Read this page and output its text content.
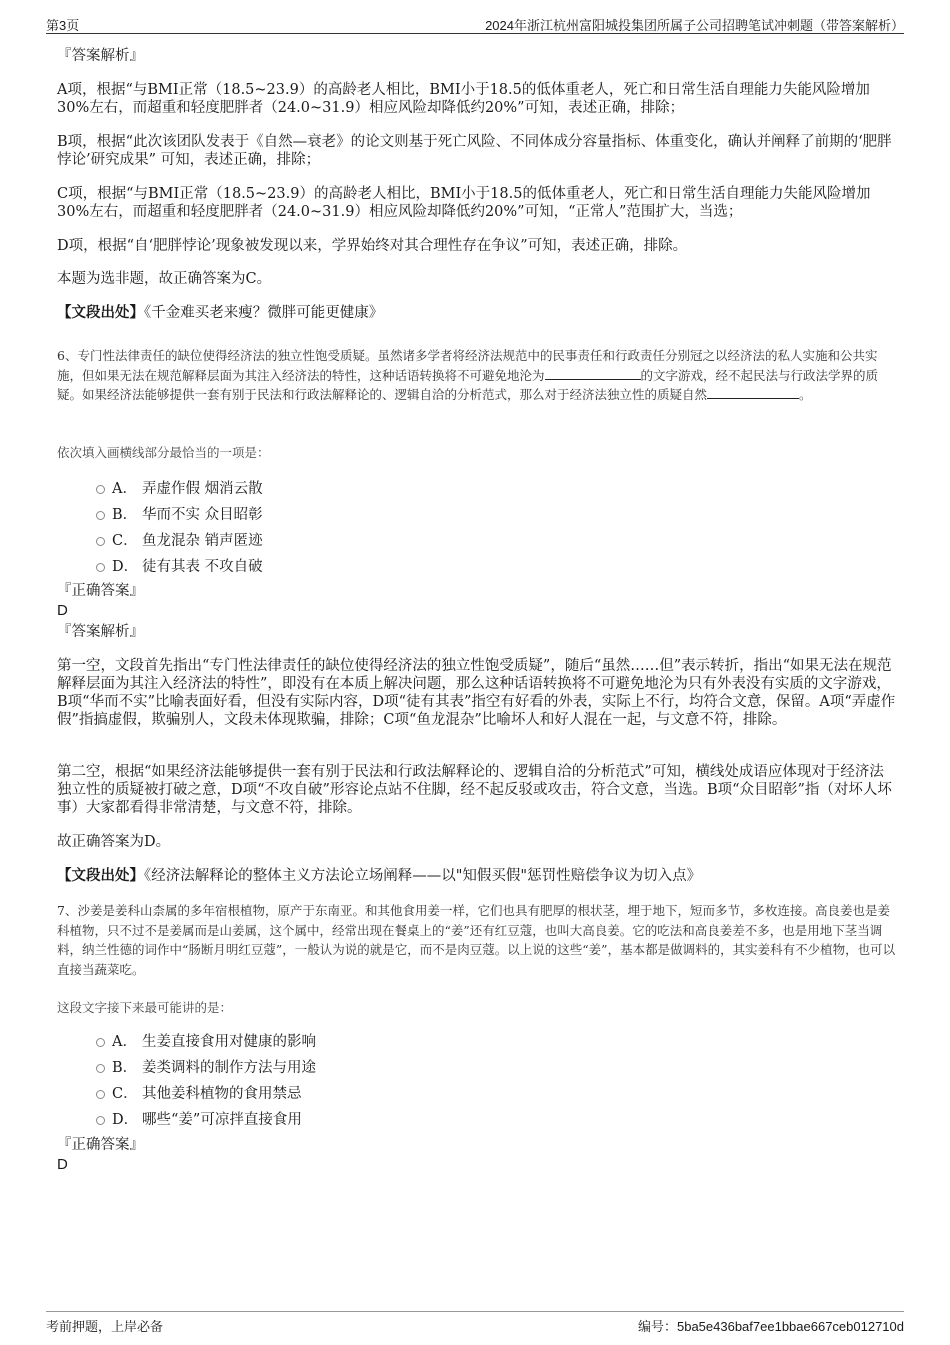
第3页	2024年浙江杭州富阳城投集团所属子公司招聘笔试冲刺题（带答案解析）
『答案解析』

A项，根据“与BMI正常（18.5~23.9）的高龄老人相比，BMI小于18.5的低体重老人，死亡和日常生活自理能力失能风险增加30%左右，而超重和轻度肥胖者（24.0~31.9）相应风险却降低约20%”可知，表述正确，排除；

B项，根据“此次该团队发表于《自然—衰老》的论文则基于死亡风险、不同体成分容量指标、体重变化，确认并阐释了前期的‘肥胖悖论’研究成果” 可知，表述正确，排除；

C项，根据“与BMI正常（18.5~23.9）的高龄老人相比，BMI小于18.5的低体重老人，死亡和日常生活自理能力失能风险增加30%左右，而超重和轻度肥胖者（24.0~31.9）相应风险却降低约20%”可知，“正常人”范围扩大，当选；

D项，根据“自‘肥胖悖论’现象被发现以来，学界始终对其合理性存在争议”可知，表述正确，排除。

本题为选非题，故正确答案为C。

【文段出处】《千金难买老来瘦？微胖可能更健康》

6、专门性法律责任的缺位使得经济法的独立性饱受质疑。虽然诸多学者将经济法规范中的民事责任和行政责任分别冠之以经济法的私人实施和公共实施，但如果无法在规范解释层面为其注入经济法的特性，这种话语转换将不可避免地沦为	的文字游戏，经不起民法与行政法学界的质疑。如果经济法能够提供一套有别于民法和行政法解释论的、逻辑自洽的分析范式，那么对于经济法独立性的质疑自然	。

依次填入画横线部分最恰当的一项是：
A． 弄虚作假 烟消云散
B． 华而不实 众目昭彰
C． 鱼龙混杂 销声匿迹
D． 徒有其表 不攻自破
『正确答案』
D
『答案解析』

第一空，文段首先指出“专门性法律责任的缺位使得经济法的独立性饱受质疑”，随后“虽然……但”表示转折，指出“如果无法在规范解释层面为其注入经济法的特性”，即没有在本质上解决问题，那么这种话语转换将不可避免地沦为只有外表没有实质的文字游戏，B项“华而不实”比喻表面好看，但没有实际内容，D项“徒有其表”指空有好看的外表，实际上不行，均符合文意，保留。A项“弄虚作假”指搞虚假，欺骗别人，文段未体现欺骗，排除；C项“鱼龙混杂”比喻坏人和好人混在一起，与文意不符，排除。

第二空，根据“如果经济法能够提供一套有别于民法和行政法解释论的、逻辑自洽的分析范式”可知，横线处成语应体现对于经济法独立性的质疑被打破之意，D项“不攻自破”形容论点站不住脚，经不起反驳或攻击，符合文意，当选。B项“众目昭彰”指（对坏人坏事）大家都看得非常清楚，与文意不符，排除。

故正确答案为D。

【文段出处】《经济法解释论的整体主义方法论立场阐释——以"知假买假"惩罚性赔偿争议为切入点》

7、沙姜是姜科山柰属的多年宿根植物，原产于东南亚。和其他食用姜一样，它们也具有肥厚的根状茎，埋于地下，短而多节，多枚连接。高良姜也是姜科植物，只不过不是姜属而是山姜属，这个属中，经常出现在餐桌上的“姜”还有红豆蔻，也叫大高良姜。它的吃法和高良姜差不多，也是用地下茎当调料，纳兰性德的词作中“肠断月明红豆蔻”，一般认为说的就是它，而不是肉豆蔻。以上说的这些“姜”，基本都是做调料的，其实姜科有不少植物，也可以直接当蔬菜吃。

这段文字接下来最可能讲的是：
A． 生姜直接食用对健康的影响
B． 姜类调料的制作方法与用途
C． 其他姜科植物的食用禁忌
D． 哪些“姜”可凉拌直接食用
『正确答案』
D
考前押题，上岸必备	编号：5ba5e436baf7ee1bbae667ceb012710d
